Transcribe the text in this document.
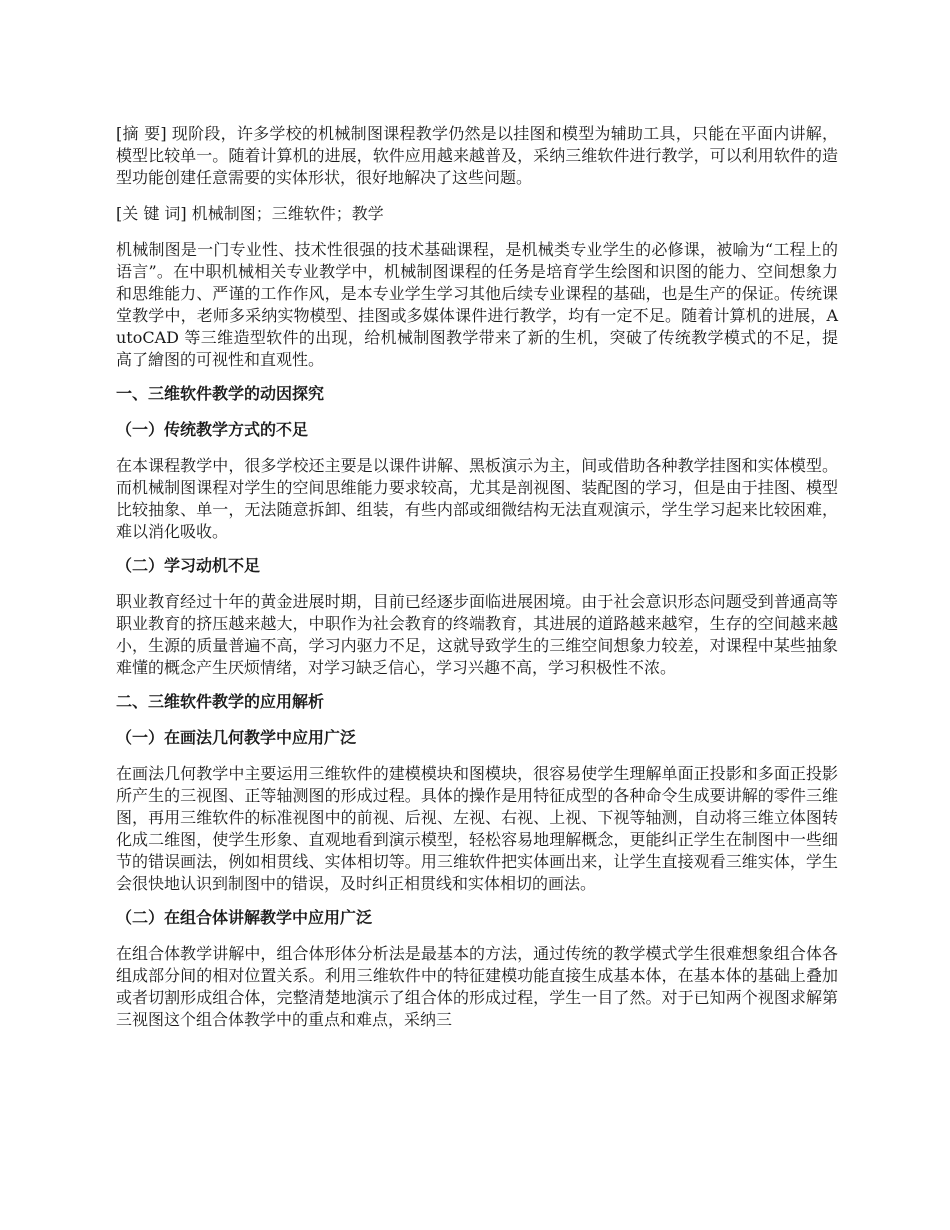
[摘 要] 现阶段，许多学校的机械制图课程教学仍然是以挂图和模型为辅助工具，只能在平面内讲解，模型比较单一。随着计算机的进展，软件应用越来越普及，采纳三维软件进行教学，可以利用软件的造型功能创建任意需要的实体形状，很好地解决了这些问题。

[关 键 词] 机械制图；三维软件；教学

机械制图是一门专业性、技术性很强的技术基础课程，是机械类专业学生的必修课，被喻为“工程上的语言”。在中职机械相关专业教学中，机械制图课程的任务是培育学生绘图和识图的能力、空间想象力和思维能力、严谨的工作作风，是本专业学生学习其他后续专业课程的基础，也是生产的保证。传统课堂教学中，老师多采纳实物模型、挂图或多媒体课件进行教学，均有一定不足。随着计算机的进展，AutoCAD 等三维造型软件的出现，给机械制图教学带来了新的生机，突破了传统教学模式的不足，提高了繪图的可视性和直观性。

一、三维软件教学的动因探究
（一）传统教学方式的不足

在本课程教学中，很多学校还主要是以课件讲解、黑板演示为主，间或借助各种教学挂图和实体模型。而机械制图课程对学生的空间思维能力要求较高，尤其是剖视图、装配图的学习，但是由于挂图、模型比较抽象、单一，无法随意拆卸、组装，有些内部或细微结构无法直观演示，学生学习起来比较困难，难以消化吸收。

（二）学习动机不足

职业教育经过十年的黄金进展时期，目前已经逐步面临进展困境。由于社会意识形态问题受到普通高等职业教育的挤压越来越大，中职作为社会教育的终端教育，其进展的道路越来越窄，生存的空间越来越小，生源的质量普遍不高，学习内驱力不足，这就导致学生的三维空间想象力较差，对课程中某些抽象难懂的概念产生厌烦情绪，对学习缺乏信心，学习兴趣不高，学习积极性不浓。

二、三维软件教学的应用解析
（一）在画法几何教学中应用广泛

在画法几何教学中主要运用三维软件的建模模块和图模块，很容易使学生理解单面正投影和多面正投影所产生的三视图、正等轴测图的形成过程。具体的操作是用特征成型的各种命令生成要讲解的零件三维图，再用三维软件的标准视图中的前视、后视、左视、右视、上视、下视等轴测，自动将三维立体图转化成二维图，使学生形象、直观地看到演示模型，轻松容易地理解概念，更能纠正学生在制图中一些细节的错误画法，例如相贯线、实体相切等。用三维软件把实体画出来，让学生直接观看三维实体，学生会很快地认识到制图中的错误，及时纠正相贯线和实体相切的画法。

（二）在组合体讲解教学中应用广泛

在组合体教学讲解中，组合体形体分析法是最基本的方法，通过传统的教学模式学生很难想象组合体各组成部分间的相对位置关系。利用三维软件中的特征建模功能直接生成基本体，在基本体的基础上叠加或者切割形成组合体，完整清楚地演示了组合体的形成过程，学生一目了然。对于已知两个视图求解第三视图这个组合体教学中的重点和难点，采纳三
